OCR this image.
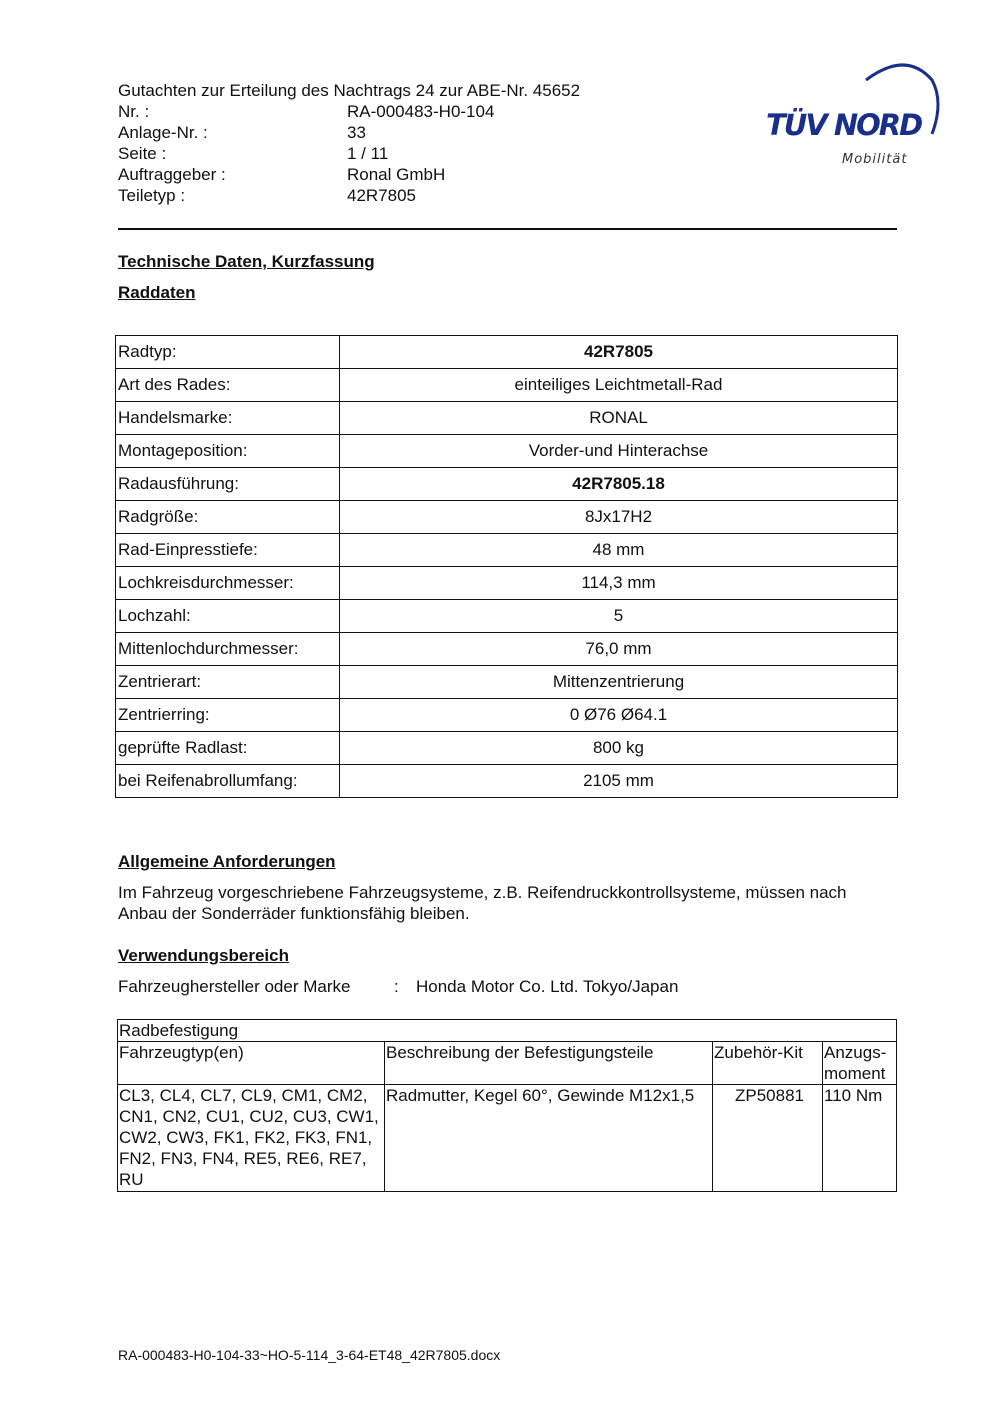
Gutachten zur Erteilung des Nachtrags 24 zur ABE-Nr. 45652
Nr. :	RA-000483-H0-104
Anlage-Nr. :	33
Seite :	1 / 11
Auftraggeber :	Ronal GmbH
Teiletyp :	42R7805
TÜV NORD
Mobilität
Technische Daten, Kurzfassung
Raddaten
Radtyp:	42R7805
Art des Rades:	einteiliges Leichtmetall-Rad
Handelsmarke:	RONAL
Montageposition:	Vorder-und Hinterachse
Radausführung:	42R7805.18
Radgröße:	8Jx17H2
Rad-Einpresstiefe:	48 mm
Lochkreisdurchmesser:	114,3 mm
Lochzahl:	5
Mittenlochdurchmesser:	76,0 mm
Zentrierart:	Mittenzentrierung
Zentrierring:	0 Ø76 Ø64.1
geprüfte Radlast:	800 kg
bei Reifenabrollumfang:	2105 mm
Allgemeine Anforderungen
Im Fahrzeug vorgeschriebene Fahrzeugsysteme, z.B. Reifendruckkontrollsysteme, müssen nach Anbau der Sonderräder funktionsfähig bleiben.
Verwendungsbereich
Fahrzeughersteller oder Marke	:	Honda Motor Co. Ltd. Tokyo/Japan
Radbefestigung			
Fahrzeugtyp(en)	Beschreibung der Befestigungsteile	Zubehör-Kit	Anzugs-moment
CL3, CL4, CL7, CL9, CM1, CM2, CN1, CN2, CU1, CU2, CU3, CW1, CW2, CW3, FK1, FK2, FK3, FN1, FN2, FN3, FN4, RE5, RE6, RE7, RU	Radmutter, Kegel 60°, Gewinde M12x1,5	ZP50881	110 Nm
RA-000483-H0-104-33~HO-5-114_3-64-ET48_42R7805.docx
